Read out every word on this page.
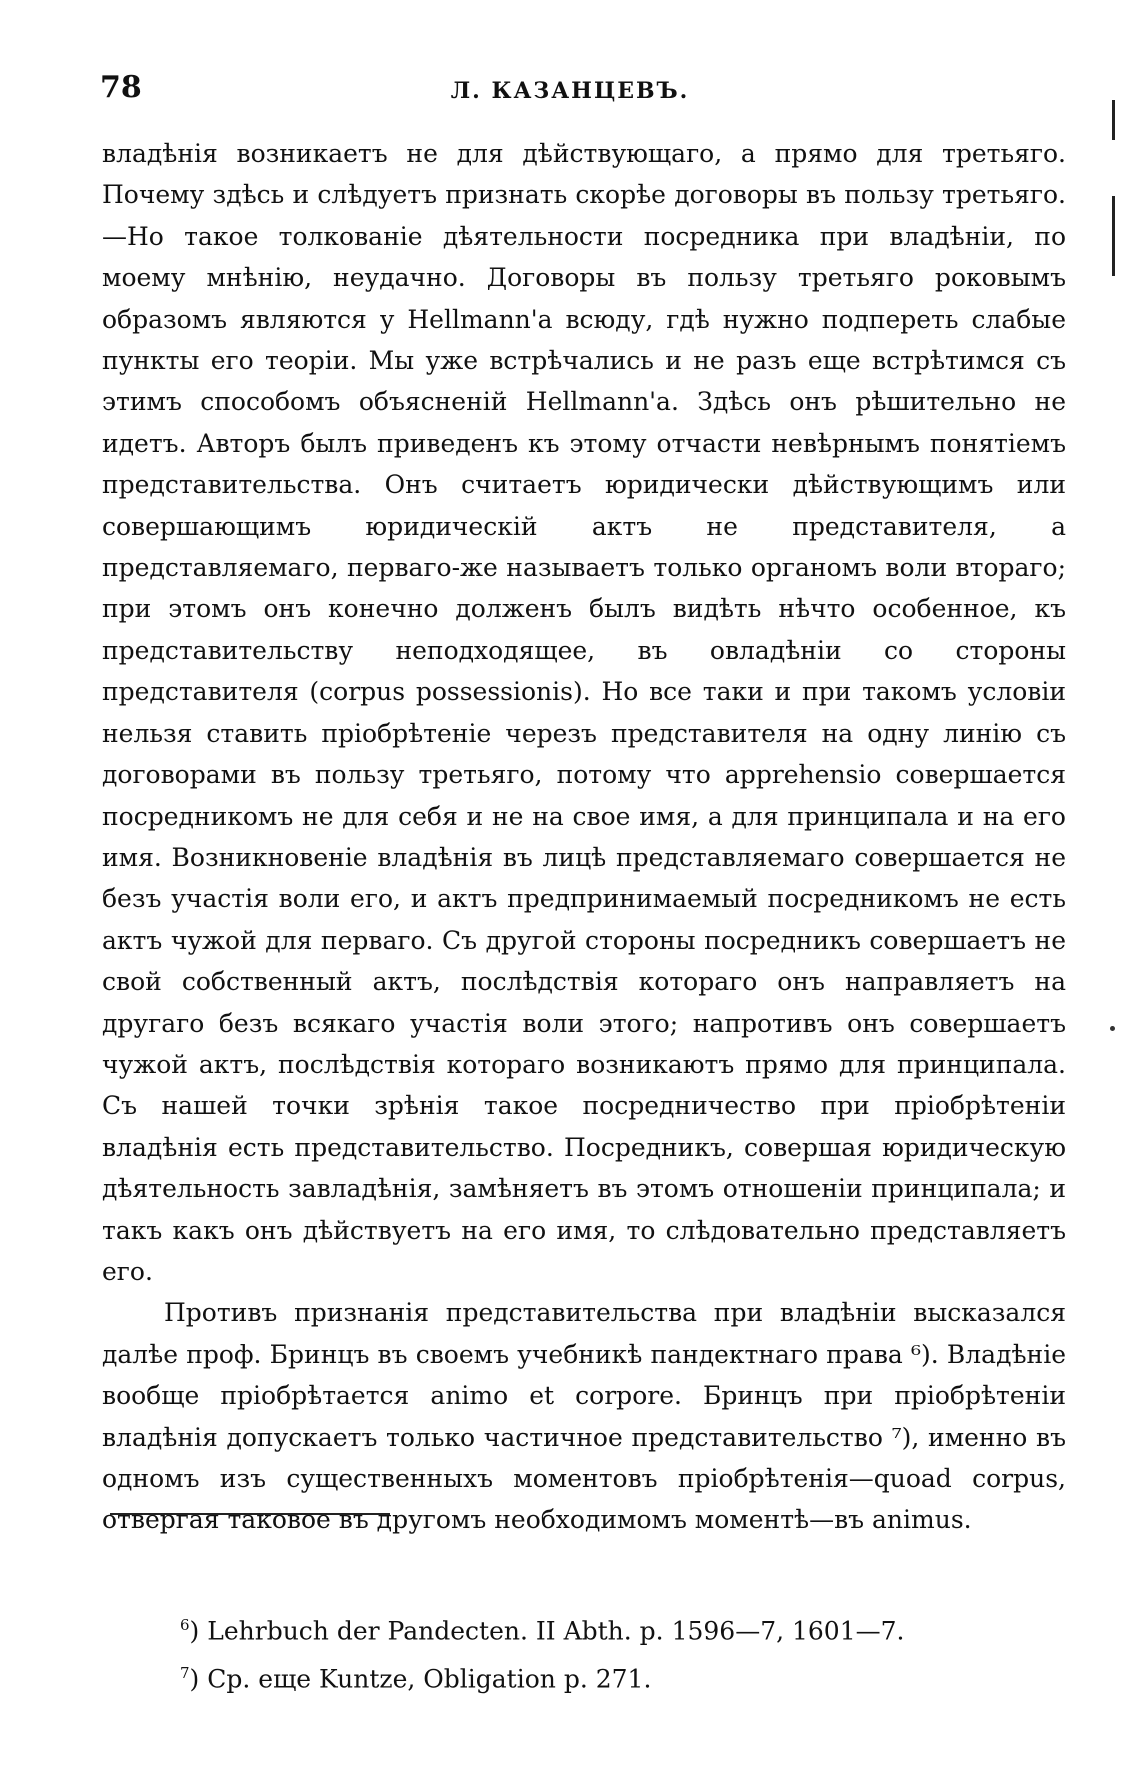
78	Л. КАЗАНЦЕВЪ.

владѣнія возникаетъ не для дѣйствующаго, а прямо для третьяго. Почему здѣсь и слѣдуетъ признать скорѣе договоры въ пользу третьяго. —Но такое толкованіе дѣятельности посредника при владѣніи, по моему мнѣнію, неудачно. Договоры въ пользу третьяго роковымъ образомъ являются у Hellmann'a всюду, гдѣ нужно подпереть слабые пункты его теоріи. Мы уже встрѣчались и не разъ еще встрѣтимся съ этимъ способомъ объясненій Hellmann'a. Здѣсь онъ рѣшительно не идетъ. Авторъ былъ приведенъ къ этому отчасти невѣрнымъ понятіемъ представительства. Онъ считаетъ юридически дѣйствующимъ или совершающимъ юридическій актъ не представителя, а представляемаго, перваго-же называетъ только органомъ воли втораго; при этомъ онъ конечно долженъ былъ видѣть нѣчто особенное, къ представительству неподходящее, въ овладѣніи со стороны представителя (corpus possessionis). Но все таки и при такомъ условіи нельзя ставить пріобрѣтеніе черезъ представителя на одну линію съ договорами въ пользу третьяго, потому что apprehensio совершается посредникомъ не для себя и не на свое имя, а для принципала и на его имя. Возникновеніе владѣнія въ лицѣ представляемаго совершается не безъ участія воли его, и актъ предпринимаемый посредникомъ не есть актъ чужой для перваго. Съ другой стороны посредникъ совершаетъ не свой собственный актъ, послѣдствія котораго онъ направляетъ на другаго безъ всякаго участія воли этого; напротивъ онъ совершаетъ чужой актъ, послѣдствія котораго возникаютъ прямо для принципала. Съ нашей точки зрѣнія такое посредничество при пріобрѣтеніи владѣнія есть представительство. Посредникъ, совершая юридическую дѣятельность завладѣнія, замѣняетъ въ этомъ отношеніи принципала; и такъ какъ онъ дѣйствуетъ на его имя, то слѣдовательно представляетъ его.

Противъ признанія представительства при владѣніи высказался далѣе проф. Бринцъ въ своемъ учебникѣ пандектнаго права ⁶). Владѣніе вообще пріобрѣтается animo et corpore. Бринцъ при пріобрѣтеніи владѣнія допускаетъ только частичное представительство ⁷), именно въ одномъ изъ существенныхъ моментовъ пріобрѣтенія—quoad corpus, отвергая таковое въ другомъ необходимомъ моментѣ—въ animus.

$^6$) Lehrbuch der Pandecten. II Abth. p. 1596—7, 1601—7.
$^7$) Ср. еще Kuntze, Obligation p. 271.
